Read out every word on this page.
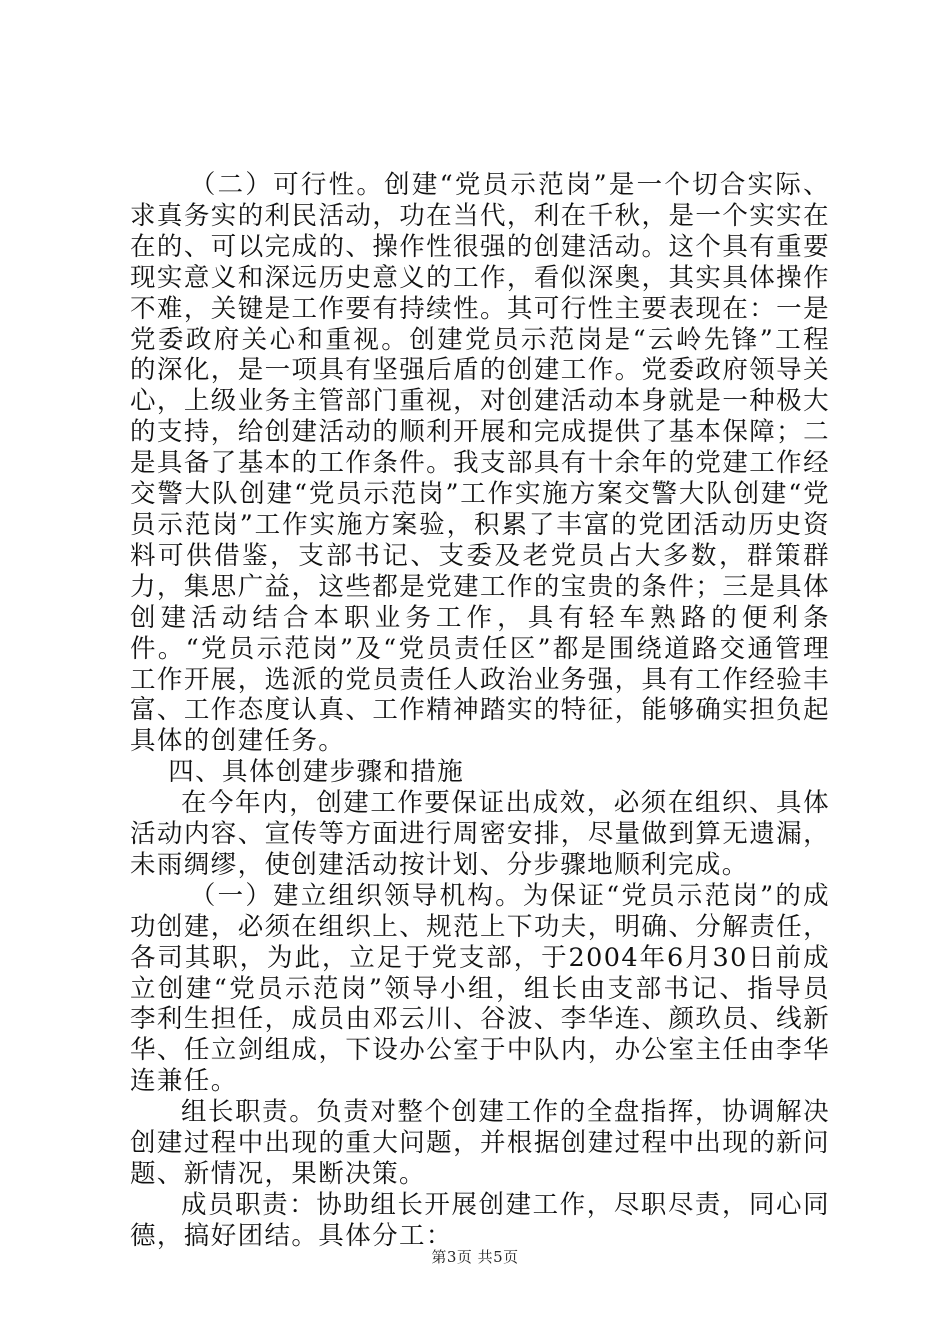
（二）可行性。创建“党员示范岗”是一个切合实际、求真务实的利民活动，功在当代，利在千秋，是一个实实在在的、可以完成的、操作性很强的创建活动。这个具有重要现实意义和深远历史意义的工作，看似深奥，其实具体操作不难，关键是工作要有持续性。其可行性主要表现在：一是党委政府关心和重视。创建党员示范岗是“云岭先锋”工程的深化，是一项具有坚强后盾的创建工作。党委政府领导关心，上级业务主管部门重视，对创建活动本身就是一种极大的支持，给创建活动的顺利开展和完成提供了基本保障；二是具备了基本的工作条件。我支部具有十余年的党建工作经交警大队创建“党员示范岗”工作实施方案交警大队创建“党员示范岗”工作实施方案验，积累了丰富的党团活动历史资料可供借鉴，支部书记、支委及老党员占大多数，群策群力，集思广益，这些都是党建工作的宝贵的条件；三是具体创建活动结合本职业务工作，具有轻车熟路的便利条件。“党员示范岗”及“党员责任区”都是围绕道路交通管理工作开展，选派的党员责任人政治业务强，具有工作经验丰富、工作态度认真、工作精神踏实的特征，能够确实担负起具体的创建任务。

四、具体创建步骤和措施

在今年内，创建工作要保证出成效，必须在组织、具体活动内容、宣传等方面进行周密安排，尽量做到算无遗漏，未雨绸缪，使创建活动按计划、分步骤地顺利完成。

（一）建立组织领导机构。为保证“党员示范岗”的成功创建，必须在组织上、规范上下功夫，明确、分解责任，各司其职，为此，立足于党支部，于2004年6月30日前成立创建“党员示范岗”领导小组，组长由支部书记、指导员李利生担任，成员由邓云川、谷波、李华连、颜玖员、线新华、任立剑组成，下设办公室于中队内，办公室主任由李华连兼任。

组长职责。负责对整个创建工作的全盘指挥，协调解决创建过程中出现的重大问题，并根据创建过程中出现的新问题、新情况，果断决策。

成员职责：协助组长开展创建工作，尽职尽责，同心同德，搞好团结。具体分工：

第3页 共5页
